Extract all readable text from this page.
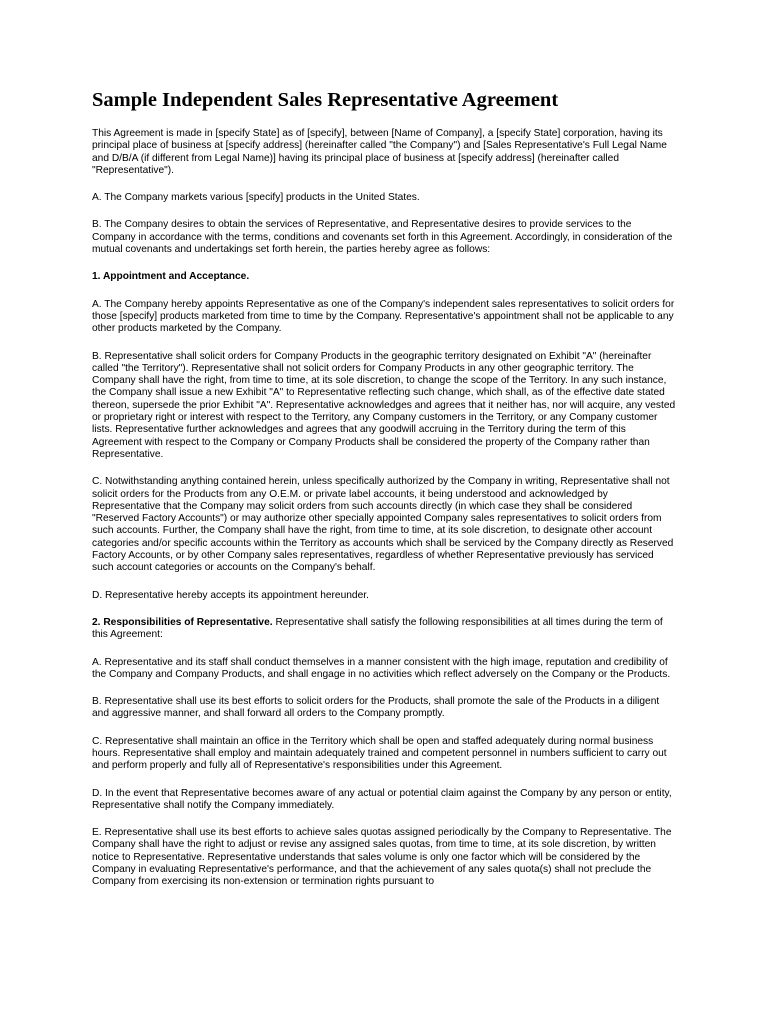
Sample Independent Sales Representative Agreement

This Agreement is made in [specify State] as of [specify], between [Name of Company], a [specify State] corporation, having its principal place of business at [specify address] (hereinafter called "the Company") and [Sales Representative's Full Legal Name and D/B/A (if different from Legal Name)] having its principal place of business at [specify address] (hereinafter called "Representative").

A. The Company markets various [specify] products in the United States.

B. The Company desires to obtain the services of Representative, and Representative desires to provide services to the Company in accordance with the terms, conditions and covenants set forth in this Agreement. Accordingly, in consideration of the mutual covenants and undertakings set forth herein, the parties hereby agree as follows:

1. Appointment and Acceptance.

A. The Company hereby appoints Representative as one of the Company's independent sales representatives to solicit orders for those [specify] products marketed from time to time by the Company. Representative's appointment shall not be applicable to any other products marketed by the Company.

B. Representative shall solicit orders for Company Products in the geographic territory designated on Exhibit "A" (hereinafter called "the Territory"). Representative shall not solicit orders for Company Products in any other geographic territory. The Company shall have the right, from time to time, at its sole discretion, to change the scope of the Territory. In any such instance, the Company shall issue a new Exhibit "A" to Representative reflecting such change, which shall, as of the effective date stated thereon, supersede the prior Exhibit "A". Representative acknowledges and agrees that it neither has, nor will acquire, any vested or proprietary right or interest with respect to the Territory, any Company customers in the Territory, or any Company customer lists. Representative further acknowledges and agrees that any goodwill accruing in the Territory during the term of this Agreement with respect to the Company or Company Products shall be considered the property of the Company rather than Representative.

C. Notwithstanding anything contained herein, unless specifically authorized by the Company in writing, Representative shall not solicit orders for the Products from any O.E.M. or private label accounts, it being understood and acknowledged by Representative that the Company may solicit orders from such accounts directly (in which case they shall be considered "Reserved Factory Accounts") or may authorize other specially appointed Company sales representatives to solicit orders from such accounts. Further, the Company shall have the right, from time to time, at its sole discretion, to designate other account categories and/or specific accounts within the Territory as accounts which shall be serviced by the Company directly as Reserved Factory Accounts, or by other Company sales representatives, regardless of whether Representative previously has serviced such account categories or accounts on the Company's behalf.

D. Representative hereby accepts its appointment hereunder.

2. Responsibilities of Representative. Representative shall satisfy the following responsibilities at all times during the term of this Agreement:

A. Representative and its staff shall conduct themselves in a manner consistent with the high image, reputation and credibility of the Company and Company Products, and shall engage in no activities which reflect adversely on the Company or the Products.

B. Representative shall use its best efforts to solicit orders for the Products, shall promote the sale of the Products in a diligent and aggressive manner, and shall forward all orders to the Company promptly.

C. Representative shall maintain an office in the Territory which shall be open and staffed adequately during normal business hours. Representative shall employ and maintain adequately trained and competent personnel in numbers sufficient to carry out and perform properly and fully all of Representative's responsibilities under this Agreement.

D. In the event that Representative becomes aware of any actual or potential claim against the Company by any person or entity, Representative shall notify the Company immediately.

E. Representative shall use its best efforts to achieve sales quotas assigned periodically by the Company to Representative. The Company shall have the right to adjust or revise any assigned sales quotas, from time to time, at its sole discretion, by written notice to Representative. Representative understands that sales volume is only one factor which will be considered by the Company in evaluating Representative's performance, and that the achievement of any sales quota(s) shall not preclude the Company from exercising its non-extension or termination rights pursuant to
